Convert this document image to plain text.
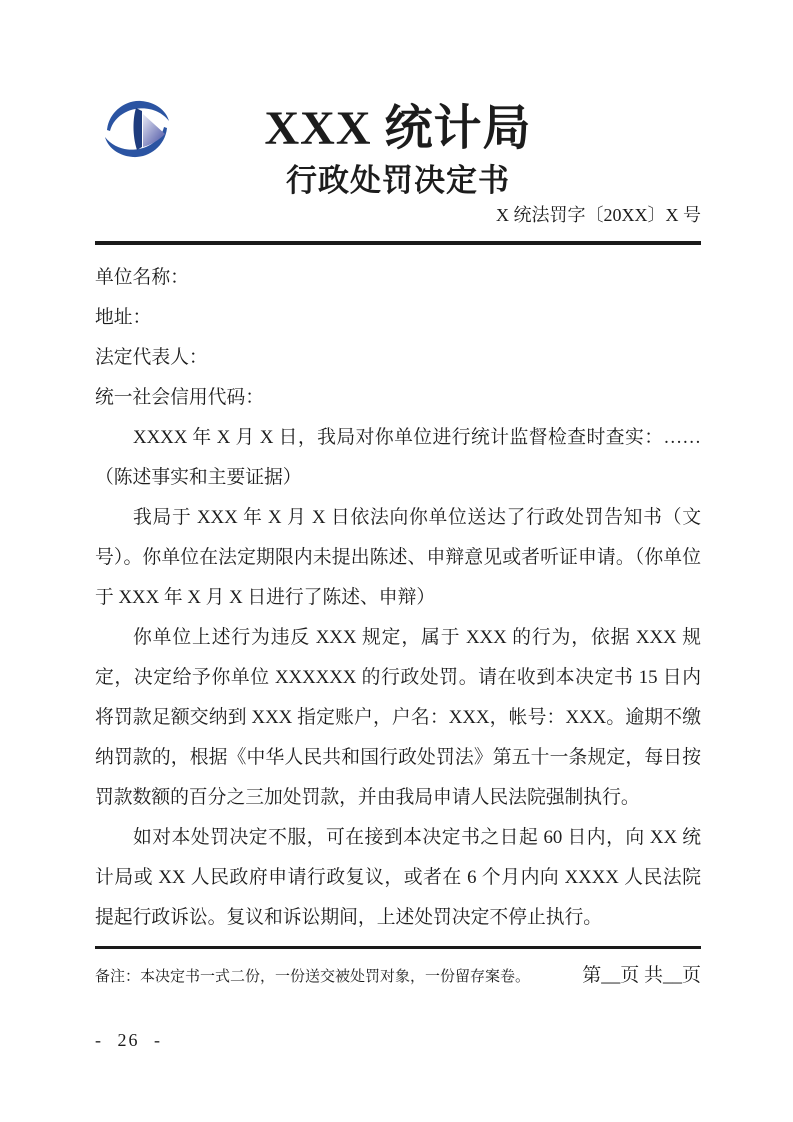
XXX 统计局
行政处罚决定书
X 统法罚字〔20XX〕X 号

单位名称：

地址：

法定代表人：

统一社会信用代码：

XXXX 年 X 月 X 日，我局对你单位进行统计监督检查时查实：……（陈述事实和主要证据）

我局于 XXX 年 X 月 X 日依法向你单位送达了行政处罚告知书（文号）。你单位在法定期限内未提出陈述、申辩意见或者听证申请。（你单位于 XXX 年 X 月 X 日进行了陈述、申辩）

你单位上述行为违反 XXX 规定，属于 XXX 的行为，依据 XXX 规定，决定给予你单位 XXXXXX 的行政处罚。请在收到本决定书 15 日内将罚款足额交纳到 XXX 指定账户，户名：XXX，帐号：XXX。逾期不缴纳罚款的，根据《中华人民共和国行政处罚法》第五十一条规定，每日按罚款数额的百分之三加处罚款，并由我局申请人民法院强制执行。

如对本处罚决定不服，可在接到本决定书之日起 60 日内，向 XX 统计局或 XX 人民政府申请行政复议，或者在 6 个月内向 XXXX 人民法院提起行政诉讼。复议和诉讼期间，上述处罚决定不停止执行。

备注：本决定书一式二份，一份送交被处罚对象，一份留存案卷。	第__页 共__页
- 26 -
